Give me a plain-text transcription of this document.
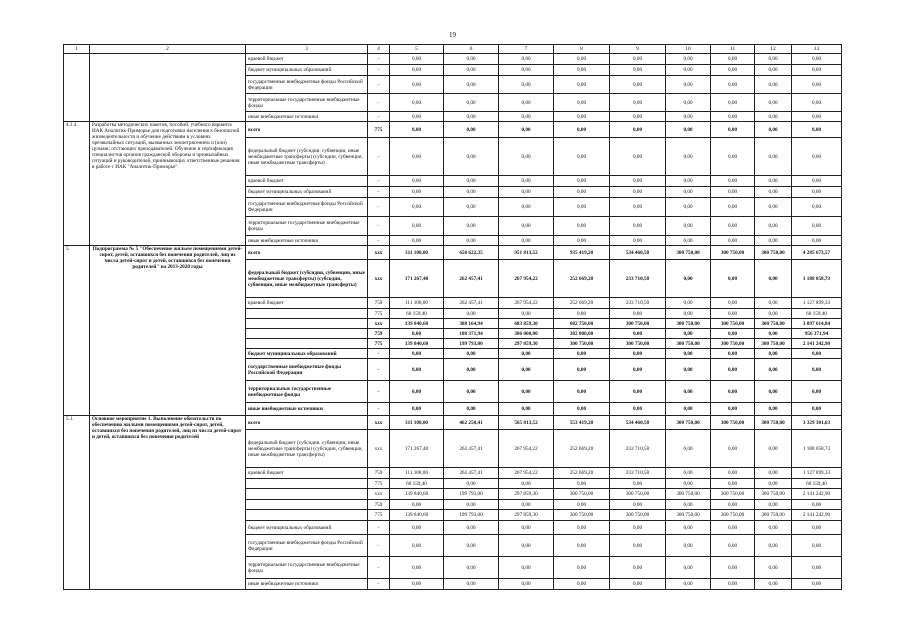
19
1	2	3	4	5	6	7	8	9	10	11	12	13
		краевой бюджет	-	0,00	0,00	0,00	0,00	0,00	0,00	0,00	0,00	0,00
		бюджет муниципальных образований	-	0,00	0,00	0,00	0,00	0,00	0,00	0,00	0,00	0,00
		государственные внебюджетные фонды Российской Федерации	-	0,00	0,00	0,00	0,00	0,00	0,00	0,00	0,00	0,00
		территориальные государственные внебюджетные фонды	-	0,00	0,00	0,00	0,00	0,00	0,00	0,00	0,00	0,00
		иные внебюджетные источники	-	0,00	0,00	0,00	0,00	0,00	0,00	0,00	0,00	0,00
4.1.4.	Разработка методических пакетов, пособий, учебного варианта ИАК Аналитик-Приморье для подготовки населения к безопасной жизнедеятельности и обучение действиям в условиях чрезвычайных ситуаций, вызванных землетрясением и (или) цунами; отстающих преподавателей. Обучение и сертификация специалистов органов гражданской обороны и чрезвычайных ситуаций и руководителей, принимающих ответственные решения в работе с ИАК "Аналитик-Приморье"	всего	775	0,00	0,00	0,00	0,00	0,00	0,00	0,00	0,00	0,00
		федеральный бюджет (субсидии, субвенции, иные межбюджетные трансферты) (субсидии, субвенции, иные межбюджетные трансферты)	-	0,00	0,00	0,00	0,00	0,00	0,00	0,00	0,00	0,00
		краевой бюджет	-	0,00	0,00	0,00	0,00	0,00	0,00	0,00	0,00	0,00
		бюджет муниципальных образований	-	0,00	0,00	0,00	0,00	0,00	0,00	0,00	0,00	0,00
		государственные внебюджетные фонды Российской Федерации	-	0,00	0,00	0,00	0,00	0,00	0,00	0,00	0,00	0,00
		территориальные государственные внебюджетные фонды	-	0,00	0,00	0,00	0,00	0,00	0,00	0,00	0,00	0,00
		иные внебюджетные источники	-	0,00	0,00	0,00	0,00	0,00	0,00	0,00	0,00	0,00
5.	Подпрограмма № 5 "Обеспечение жильем помещениями детей-сирот, детей, оставшихся без попечения родителей, лиц из числа детей-сирот и детей, оставшихся без попечения родителей" на 2013-2020 годы	всего	xxx	311 108,00	650 622,35	951 813,52	935 419,20	534 460,50	300 750,00	300 750,00	300 750,00	4 285 673,57
		федеральный бюджет (субсидии, субвенции, иные межбюджетные трансферты) (субсидии, субвенции, иные межбюджетные трансферты)	xxx	171 267,40	262 457,41	267 954,22	252 669,20	233 710,50	0,00	0,00	0,00	1 188 058,73
		краевой бюджет	759	111 108,00	262 457,41	267 954,22	252 669,20	233 710,50	0,00	0,00	0,00	1 127 899,33
			775	60 159,40	0,00	0,00	0,00	0,00	0,00	0,00	0,00	60 159,40
			xxx	139 840,60	388 164,94	683 859,30	682 750,00	300 750,00	300 750,00	300 750,00	300 750,00	3 097 614,84
			759	0,00	188 371,94	386 000,00	382 000,00	0,00	0,00	0,00	0,00	956 371,94
			775	139 840,60	199 793,00	297 859,30	300 750,00	300 750,00	300 750,00	300 750,00	300 750,00	2 141 242,90
		бюджет муниципальных образований	-	0,00	0,00	0,00	0,00	0,00	0,00	0,00	0,00	0,00
		государственные внебюджетные фонды Российской Федерации	-	0,00	0,00	0,00	0,00	0,00	0,00	0,00	0,00	0,00
		территориальные государственные внебюджетные фонды	-	0,00	0,00	0,00	0,00	0,00	0,00	0,00	0,00	0,00
		иные внебюджетные источники	-	0,00	0,00	0,00	0,00	0,00	0,00	0,00	0,00	0,00
5.1.	Основное мероприятие 1. Выполнение обязательств по обеспечению жилыми помещениями детей-сирот, детей, оставшихся без попечения родителей, лиц из числа детей-сирот и детей, оставшихся без попечения родителей	всего	xxx	311 108,00	462 250,41	565 813,52	553 419,20	534 460,50	300 750,00	300 750,00	300 750,00	3 329 301,63
		федеральный бюджет (субсидии, субвенции, иные межбюджетные трансферты) (субсидии, субвенции, иные межбюджетные трансферты)	xxx	171 267,40	262 457,41	267 954,22	252 669,20	233 710,50	0,00	0,00	0,00	1 188 058,73
		краевой бюджет	759	111 108,00	262 457,41	267 954,22	252 669,20	233 710,50	0,00	0,00	0,00	1 127 899,33
			775	60 159,40	0,00	0,00	0,00	0,00	0,00	0,00	0,00	60 159,40
			xxx	139 840,60	199 793,00	297 859,30	300 750,00	300 750,00	300 750,00	300 750,00	300 750,00	2 141 242,90
			759	0,00	0,00	0,00	0,00	0,00	0,00	0,00	0,00	0,00
			775	139 840,60	199 793,00	297 859,30	300 750,00	300 750,00	300 750,00	300 750,00	300 750,00	2 141 242,90
		бюджет муниципальных образований	-	0,00	0,00	0,00	0,00	0,00	0,00	0,00	0,00	0,00
		государственные внебюджетные фонды Российской Федерации	-	0,00	0,00	0,00	0,00	0,00	0,00	0,00	0,00	0,00
		территориальные государственные внебюджетные фонды	-	0,00	0,00	0,00	0,00	0,00	0,00	0,00	0,00	0,00
		иные внебюджетные источники	-	0,00	0,00	0,00	0,00	0,00	0,00	0,00	0,00	0,00
